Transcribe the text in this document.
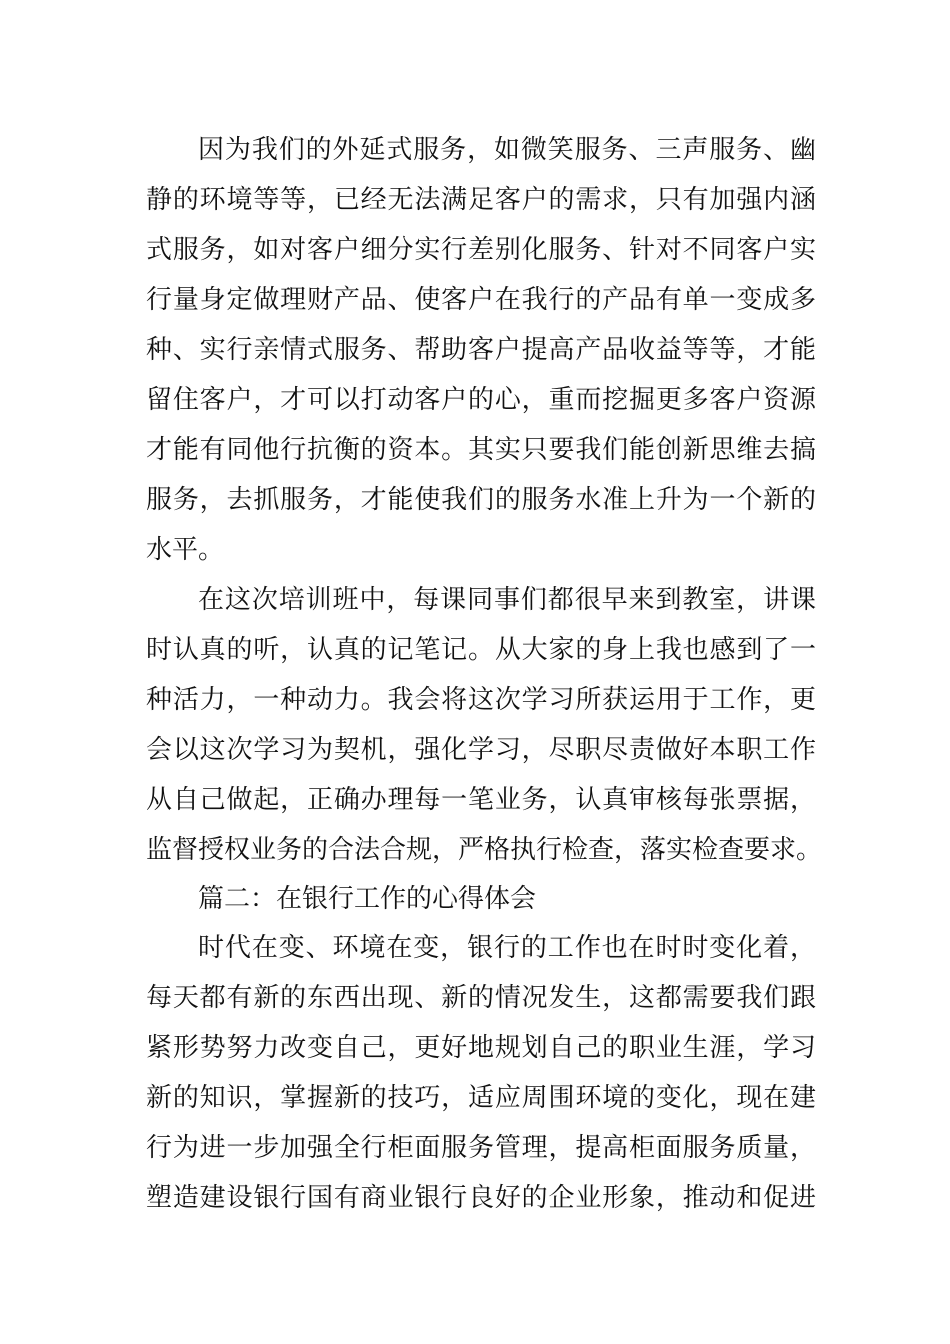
因为我们的外延式服务，如微笑服务、三声服务、幽
静的环境等等，已经无法满足客户的需求，只有加强内涵
式服务，如对客户细分实行差别化服务、针对不同客户实
行量身定做理财产品、使客户在我行的产品有单一变成多
种、实行亲情式服务、帮助客户提高产品收益等等，才能
留住客户，才可以打动客户的心，重而挖掘更多客户资源
才能有同他行抗衡的资本。其实只要我们能创新思维去搞
服务，去抓服务，才能使我们的服务水准上升为一个新的
水平。
在这次培训班中，每课同事们都很早来到教室，讲课
时认真的听，认真的记笔记。从大家的身上我也感到了一
种活力，一种动力。我会将这次学习所获运用于工作，更
会以这次学习为契机，强化学习，尽职尽责做好本职工作
从自己做起，正确办理每一笔业务，认真审核每张票据，
监督授权业务的合法合规，严格执行检查，落实检查要求。
篇二：在银行工作的心得体会
时代在变、环境在变，银行的工作也在时时变化着，
每天都有新的东西出现、新的情况发生，这都需要我们跟
紧形势努力改变自己，更好地规划自己的职业生涯，学习
新的知识，掌握新的技巧，适应周围环境的变化，现在建
行为进一步加强全行柜面服务管理，提高柜面服务质量，
塑造建设银行国有商业银行良好的企业形象，推动和促进
